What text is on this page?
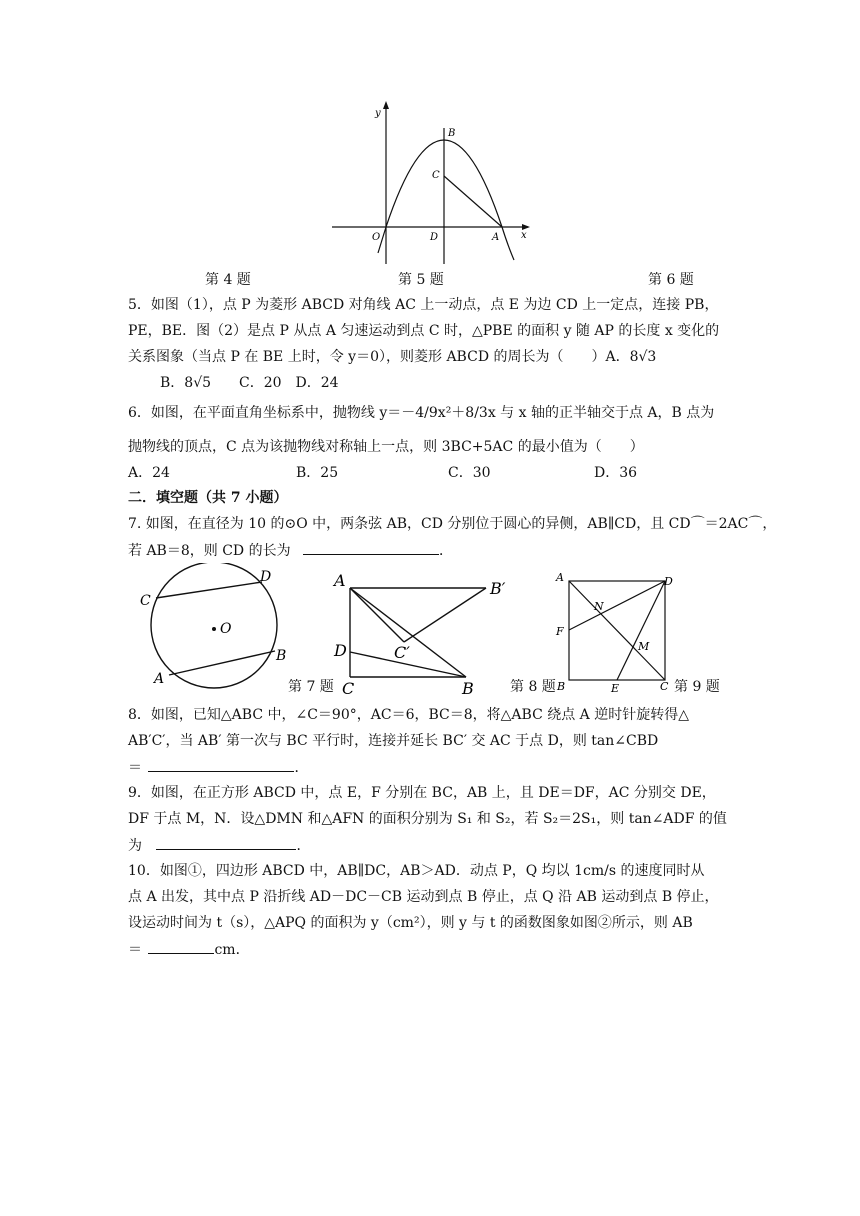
y
x
O	D	A
B
C
第 4 题	第 5 题	第 6 题
5．如图（1），点 P 为菱形 ABCD 对角线 AC 上一动点，点 E 为边 CD 上一定点，连接 PB，
PE，BE．图（2）是点 P 从点 A 匀速运动到点 C 时，△PBE 的面积 y 随 AP 的长度 x 变化的
关系图象（当点 P 在 BE 上时，令 y＝0），则菱形 ABCD 的周长为（　　）A．8√3
B．8√5　　C．20　D．24
6．如图，在平面直角坐标系中，抛物线 y＝－4/9x²＋8/3x 与 x 轴的正半轴交于点 A，B 点为
抛物线的顶点，C 点为该抛物线对称轴上一点，则 3BC+5AC 的最小值为（　　）
A．24	B．25	C．30	D．36
二．填空题（共 7 小题）
7. 如图，在直径为 10 的⊙O 中，两条弦 AB，CD 分别位于圆心的异侧，AB∥CD，且 CD⌒＝2AC⌒，
若 AB＝8，则 CD 的长为	．
C
D
O
A
B
A	B′
D	C′
C	B
A	D
N
F
M
B	E	C
第 7 题	第 8 题	第 9 题
8．如图，已知△ABC 中，∠C＝90°，AC＝6，BC＝8，将△ABC 绕点 A 逆时针旋转得△
AB′C′，当 AB′ 第一次与 BC 平行时，连接并延长 BC′ 交 AC 于点 D，则 tan∠CBD
＝	．
9．如图，在正方形 ABCD 中，点 E，F 分别在 BC，AB 上，且 DE＝DF，AC 分别交 DE，
DF 于点 M，N．设△DMN 和△AFN 的面积分别为 S₁ 和 S₂，若 S₂＝2S₁，则 tan∠ADF 的值
为	．
10．如图①，四边形 ABCD 中，AB∥DC，AB＞AD．动点 P，Q 均以 1cm/s 的速度同时从
点 A 出发，其中点 P 沿折线 AD－DC－CB 运动到点 B 停止，点 Q 沿 AB 运动到点 B 停止，
设运动时间为 t（s），△APQ 的面积为 y（cm²），则 y 与 t 的函数图象如图②所示，则 AB
＝	cm．
